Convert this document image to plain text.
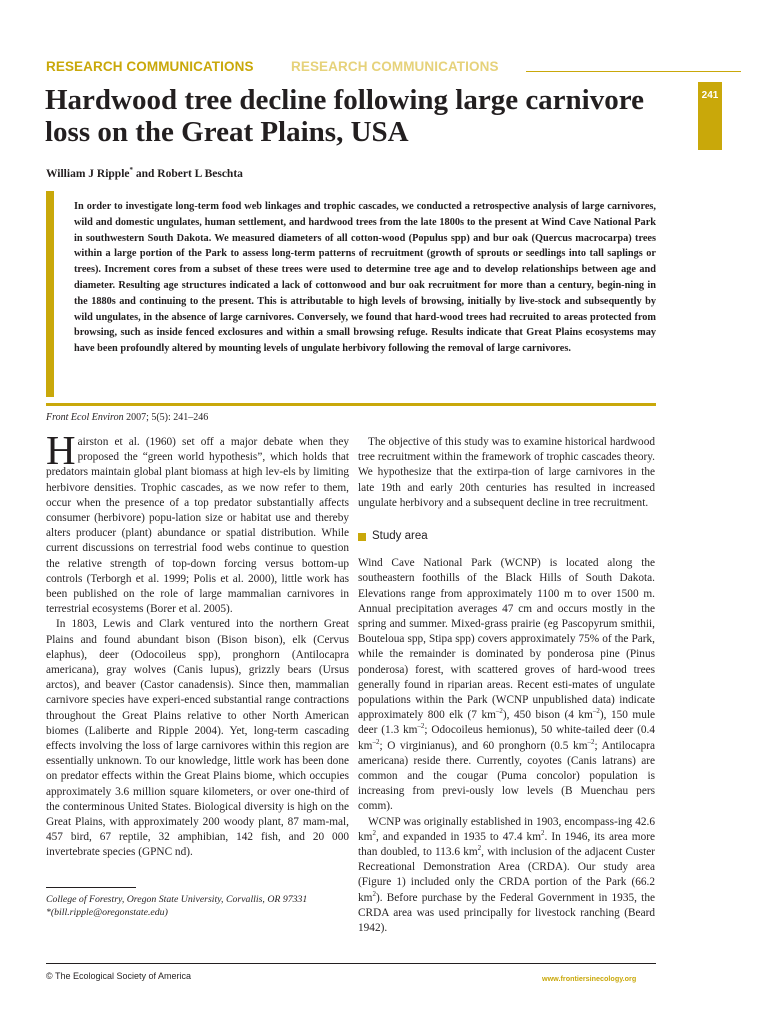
RESEARCH COMMUNICATIONS	RESEARCH COMMUNICATIONS
241
Hardwood tree decline following large carnivore loss on the Great Plains, USA

William J Ripple* and Robert L Beschta

In order to investigate long-term food web linkages and trophic cascades, we conducted a retrospective analysis of large carnivores, wild and domestic ungulates, human settlement, and hardwood trees from the late 1800s to the present at Wind Cave National Park in southwestern South Dakota. We measured diameters of all cotton-wood (Populus spp) and bur oak (Quercus macrocarpa) trees within a large portion of the Park to assess long-term patterns of recruitment (growth of sprouts or seedlings into tall saplings or trees). Increment cores from a subset of these trees were used to determine tree age and to develop relationships between age and diameter. Resulting age structures indicated a lack of cottonwood and bur oak recruitment for more than a century, begin-ning in the 1880s and continuing to the present. This is attributable to high levels of browsing, initially by live-stock and subsequently by wild ungulates, in the absence of large carnivores. Conversely, we found that hard-wood trees had recruited to areas protected from browsing, such as inside fenced exclosures and within a small browsing refuge. Results indicate that Great Plains ecosystems may have been profoundly altered by mounting levels of ungulate herbivory following the removal of large carnivores.

Front Ecol Environ 2007; 5(5): 241–246

Hairston et al. (1960) set off a major debate when they proposed the “green world hypothesis”, which holds that predators maintain global plant biomass at high lev-els by limiting herbivore densities. Trophic cascades, as we now refer to them, occur when the presence of a top predator substantially affects consumer (herbivore) popu-lation size or habitat use and thereby alters producer (plant) abundance or spatial distribution. While current discussions on terrestrial food webs continue to question the relative strength of top-down forcing versus bottom-up controls (Terborgh et al. 1999; Polis et al. 2000), little work has been published on the role of large mammalian carnivores in terrestrial ecosystems (Borer et al. 2005).

In 1803, Lewis and Clark ventured into the northern Great Plains and found abundant bison (Bison bison), elk (Cervus elaphus), deer (Odocoileus spp), pronghorn (Antilocapra americana), gray wolves (Canis lupus), grizzly bears (Ursus arctos), and beaver (Castor canadensis). Since then, mammalian carnivore species have experi-enced substantial range contractions throughout the Great Plains relative to other North American biomes (Laliberte and Ripple 2004). Yet, long-term cascading effects involving the loss of large carnivores within this region are essentially unknown. To our knowledge, little work has been done on predator effects within the Great Plains biome, which occupies approximately 3.6 million square kilometers, or over one-third of the conterminous United States. Biological diversity is high on the Great Plains, with approximately 200 woody plant, 87 mam-mal, 457 bird, 67 reptile, 32 amphibian, 142 fish, and 20 000 invertebrate species (GPNC nd).

The objective of this study was to examine historical hardwood tree recruitment within the framework of trophic cascades theory. We hypothesize that the extirpa-tion of large carnivores in the late 19th and early 20th centuries has resulted in increased ungulate herbivory and a subsequent decline in tree recruitment.

Study area

Wind Cave National Park (WCNP) is located along the southeastern foothills of the Black Hills of South Dakota. Elevations range from approximately 1100 m to over 1500 m. Annual precipitation averages 47 cm and occurs mostly in the spring and summer. Mixed-grass prairie (eg Pascopyrum smithii, Bouteloua spp, Stipa spp) covers approximately 75% of the Park, while the remainder is dominated by ponderosa pine (Pinus ponderosa) forest, with scattered groves of hard-wood trees generally found in riparian areas. Recent esti-mates of ungulate populations within the Park (WCNP unpublished data) indicate approximately 800 elk (7 $km^{-2}$), 450 bison (4 $km^{-2}$), 150 mule deer (1.3 $km^{-2}$; Odocoileus hemionus), 50 white-tailed deer (0.4 $km^{-2}$; O virginianus), and 60 pronghorn (0.5 $km^{-2}$; Antilocapra americana) reside there. Currently, coyotes (Canis latrans) are common and the cougar (Puma concolor) population is increasing from previ-ously low levels (B Muenchau pers comm).

WCNP was originally established in 1903, encompass-ing 42.6 $km^2$, and expanded in 1935 to 47.4 $km^2$. In 1946, its area more than doubled, to 113.6 $km^2$, with inclusion of the adjacent Custer Recreational Demonstration Area (CRDA). Our study area (Figure 1) included only the CRDA portion of the Park (66.2 $km^2$). Before purchase by the Federal Government in 1935, the CRDA area was used principally for livestock ranching (Beard 1942).

College of Forestry, Oregon State University, Corvallis, OR 97331
*(bill.ripple@oregonstate.edu)

© The Ecological Society of America	www.frontiersinecology.org
